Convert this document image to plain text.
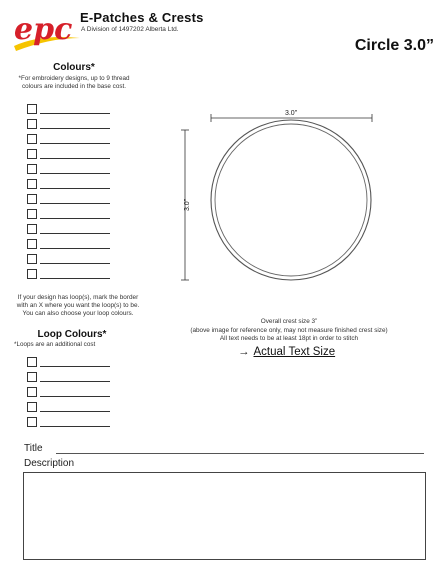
epc E-Patches & Crests
A Division of 1497202 Alberta Ltd.
Circle 3.0”
Colours*
*For embroidery designs, up to 9 thread colours are included in the base cost.
If your design has loop(s), mark the border with an X where you want the loop(s) to be. You can also choose your loop colours.
Loop Colours*
*Loops are an additional cost
3.0”
3.0”
Overall crest size 3”
(above image for reference only, may not measure finished crest size)
All text needs to be at least 18pt in order to stitch
→ Actual Text Size
Title
Description
